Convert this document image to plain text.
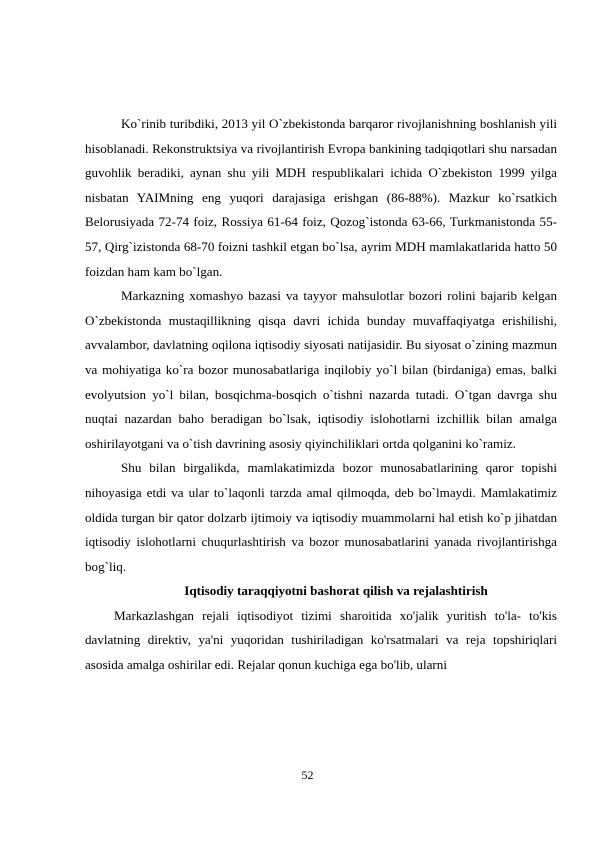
Ko`rinib turibdiki, 2013 yil O`zbekistonda barqaror rivojlanishning boshlanish yili hisoblanadi. Rekonstruktsiya va rivojlantirish Evropa bankining tadqiqotlari shu narsadan guvohlik beradiki, aynan shu yili MDH respublikalari ichida O`zbekiston 1999 yilga nisbatan YAIMning eng yuqori darajasiga erishgan (86-88%). Mazkur ko`rsatkich Belorusiyada 72-74 foiz, Rossiya 61-64 foiz, Qozog`istonda 63-66, Turkmanistonda 55-57, Qirg`izistonda 68-70 foizni tashkil etgan bo`lsa, ayrim MDH mamlakatlarida hatto 50 foizdan ham kam bo`lgan.

Markazning xomashyo bazasi va tayyor mahsulotlar bozori rolini bajarib kelgan O`zbekistonda mustaqillikning qisqa davri ichida bunday muvaffaqiyatga erishilishi, avvalambor, davlatning oqilona iqtisodiy siyosati natijasidir. Bu siyosat o`zining mazmun va mohiyatiga ko`ra bozor munosabatlariga inqilobiy yo`l bilan (birdaniga) emas, balki evolyutsion yo`l bilan, bosqichma-bosqich o`tishni nazarda tutadi. O`tgan davrga shu nuqtai nazardan baho beradigan bo`lsak, iqtisodiy islohotlarni izchillik bilan amalga oshirilayotgani va o`tish davrining asosiy qiyinchiliklari ortda qolganini ko`ramiz.

Shu bilan birgalikda, mamlakatimizda bozor munosabatlarining qaror topishi nihoyasiga etdi va ular to`laqonli tarzda amal qilmoqda, deb bo`lmaydi. Mamlakatimiz oldida turgan bir qator dolzarb ijtimoiy va iqtisodiy muammolarni hal etish ko`p jihatdan iqtisodiy islohotlarni chuqurlashtirish va bozor munosabatlarini yanada rivojlantirishga bog`liq.

Iqtisodiy taraqqiyotni bashorat qilish va rejalashtirish

Markazlashgan rejali iqtisodiyot tizimi sharoitida xo'jalik yuritish to'la- to'kis davlatning direktiv, ya'ni yuqoridan tushiriladigan ko'rsatmalari va reja topshiriqlari asosida amalga oshirilar edi. Rejalar qonun kuchiga ega bo'lib, ularni

52
